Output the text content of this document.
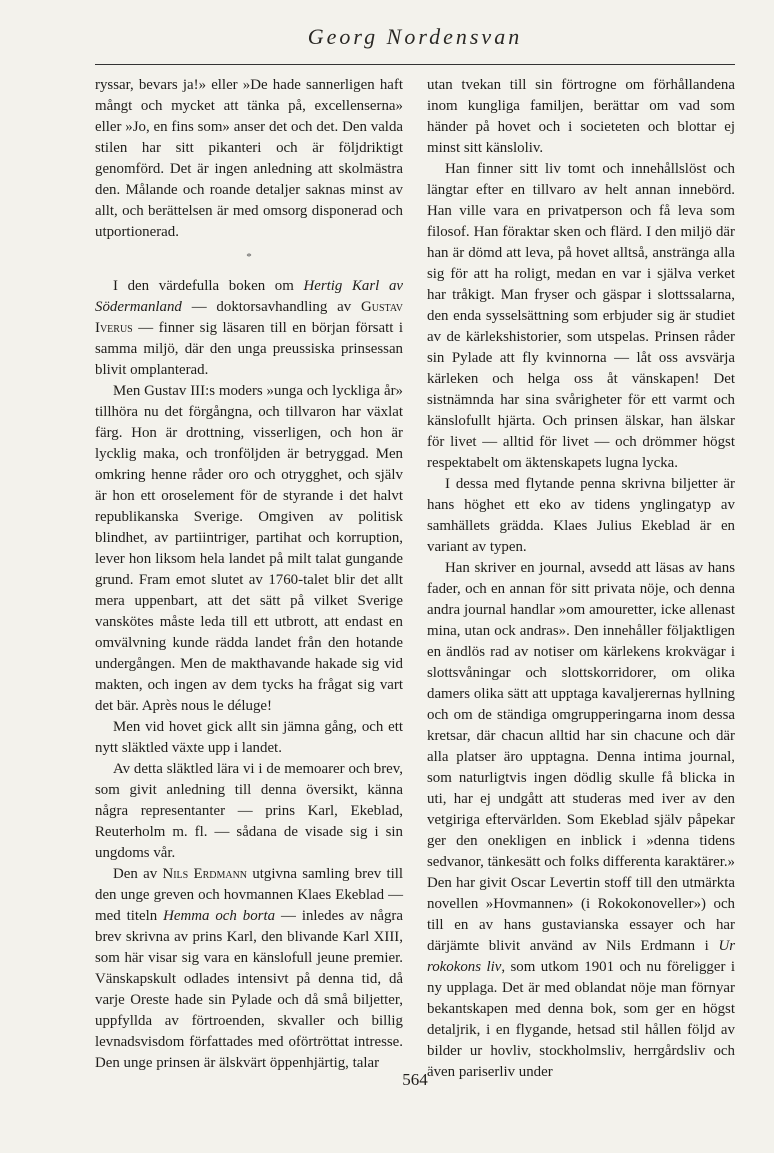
Georg Nordensvan

ryssar, bevars ja!» eller »De hade sannerligen haft mångt och mycket att tänka på, excellenserna» eller »Jo, en fins som» anser det och det. Den valda stilen har sitt pikanteri och är följdriktigt genomförd. Det är ingen anledning att skolmästra den. Målande och roande detaljer saknas minst av allt, och berättelsen är med omsorg disponerad och utportionerad.

*

I den värdefulla boken om Hertig Karl av Södermanland — doktorsavhandling av Gustav Iverus — finner sig läsaren till en början försatt i samma miljö, där den unga preussiska prinsessan blivit omplanterad.

Men Gustav III:s moders »unga och lyckliga år» tillhöra nu det förgångna, och tillvaron har växlat färg. Hon är drottning, visserligen, och hon är lycklig maka, och tronföljden är betryggad. Men omkring henne råder oro och otrygghet, och själv är hon ett oroselement för de styrande i det halvt republikanska Sverige. Omgiven av politisk blindhet, av partiintriger, partihat och korruption, lever hon liksom hela landet på milt talat gungande grund. Fram emot slutet av 1760-talet blir det allt mera uppenbart, att det sätt på vilket Sverige vanskötes måste leda till ett utbrott, att endast en omvälvning kunde rädda landet från den hotande undergången. Men de makthavande hakade sig vid makten, och ingen av dem tycks ha frågat sig vart det bär. Après nous le déluge!

Men vid hovet gick allt sin jämna gång, och ett nytt släktled växte upp i landet.

Av detta släktled lära vi i de memoarer och brev, som givit anledning till denna översikt, känna några representanter — prins Karl, Ekeblad, Reuterholm m. fl. — sådana de visade sig i sin ungdoms vår.

Den av Nils Erdmann utgivna samling brev till den unge greven och hovmannen Klaes Ekeblad — med titeln Hemma och borta — inledes av några brev skrivna av prins Karl, den blivande Karl XIII, som här visar sig vara en känslofull jeune premier. Vänskapskult odlades intensivt på denna tid, då varje Oreste hade sin Pylade och då små biljetter, uppfyllda av förtroenden, skvaller och billig levnadsvisdom författades med oförtröttat intresse. Den unge prinsen är älskvärt öppenhjärtig, talar

utan tvekan till sin förtrogne om förhållandena inom kungliga familjen, berättar om vad som händer på hovet och i societeten och blottar ej minst sitt känsloliv.

Han finner sitt liv tomt och innehållslöst och längtar efter en tillvaro av helt annan innebörd. Han ville vara en privatperson och få leva som filosof. Han föraktar sken och flärd. I den miljö där han är dömd att leva, på hovet alltså, anstränga alla sig för att ha roligt, medan en var i själva verket har tråkigt. Man fryser och gäspar i slottssalarna, den enda sysselsättning som erbjuder sig är studiet av de kärlekshistorier, som utspelas. Prinsen råder sin Pylade att fly kvinnorna — låt oss avsvärja kärleken och helga oss åt vänskapen! Det sistnämnda har sina svårigheter för ett varmt och känslofullt hjärta. Och prinsen älskar, han älskar för livet — alltid för livet — och drömmer högst respektabelt om äktenskapets lugna lycka.

I dessa med flytande penna skrivna biljetter är hans höghet ett eko av tidens ynglingatyp av samhällets grädda. Klaes Julius Ekeblad är en variant av typen.

Han skriver en journal, avsedd att läsas av hans fader, och en annan för sitt privata nöje, och denna andra journal handlar »om amouretter, icke allenast mina, utan ock andras». Den innehåller följaktligen en ändlös rad av notiser om kärlekens krokvägar i slottsvåningar och slottskorridorer, om olika damers olika sätt att upptaga kavaljerernas hyllning och om de ständiga omgrupperingarna inom dessa kretsar, där chacun alltid har sin chacune och där alla platser äro upptagna. Denna intima journal, som naturligtvis ingen dödlig skulle få blicka in uti, har ej undgått att studeras med iver av den vetgiriga eftervärlden. Som Ekeblad själv påpekar ger den onekligen en inblick i »denna tidens sedvanor, tänkesätt och folks differenta karaktärer.» Den har givit Oscar Levertin stoff till den utmärkta novellen »Hovmannen» (i Rokokonoveller») och till en av hans gustavianska essayer och har därjämte blivit använd av Nils Erdmann i Ur rokokons liv, som utkom 1901 och nu föreligger i ny upplaga. Det är med oblandat nöje man förnyar bekantskapen med denna bok, som ger en högst detaljrik, i en flygande, hetsad stil hållen följd av bilder ur hovliv, stockholmsliv, herrgårdsliv och även pariserliv under

564
